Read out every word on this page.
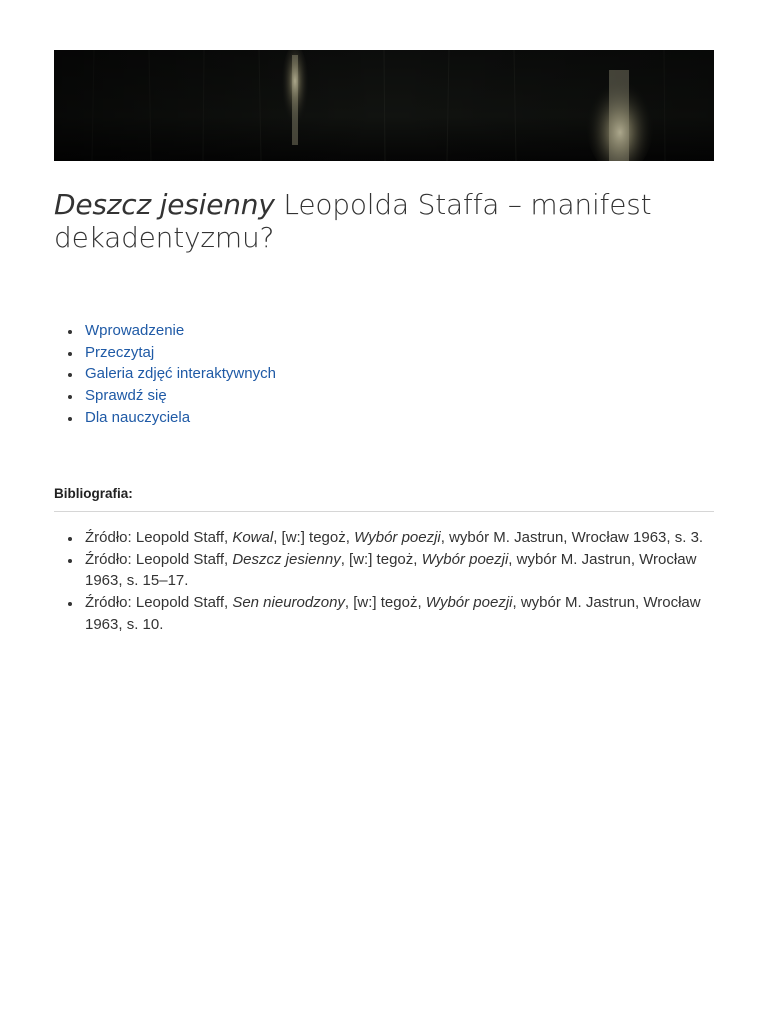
Deszcz jesienny Leopolda Staffa – manifest dekadentyzmu?
Wprowadzenie
Przeczytaj
Galeria zdjęć interaktywnych
Sprawdź się
Dla nauczyciela
Bibliografia:
Źródło: Leopold Staff, Kowal, [w:] tegoż, Wybór poezji, wybór M. Jastrun, Wrocław 1963, s. 3.
Źródło: Leopold Staff, Deszcz jesienny, [w:] tegoż, Wybór poezji, wybór M. Jastrun, Wrocław 1963, s. 15–17.
Źródło: Leopold Staff, Sen nieurodzony, [w:] tegoż, Wybór poezji, wybór M. Jastrun, Wrocław 1963, s. 10.
